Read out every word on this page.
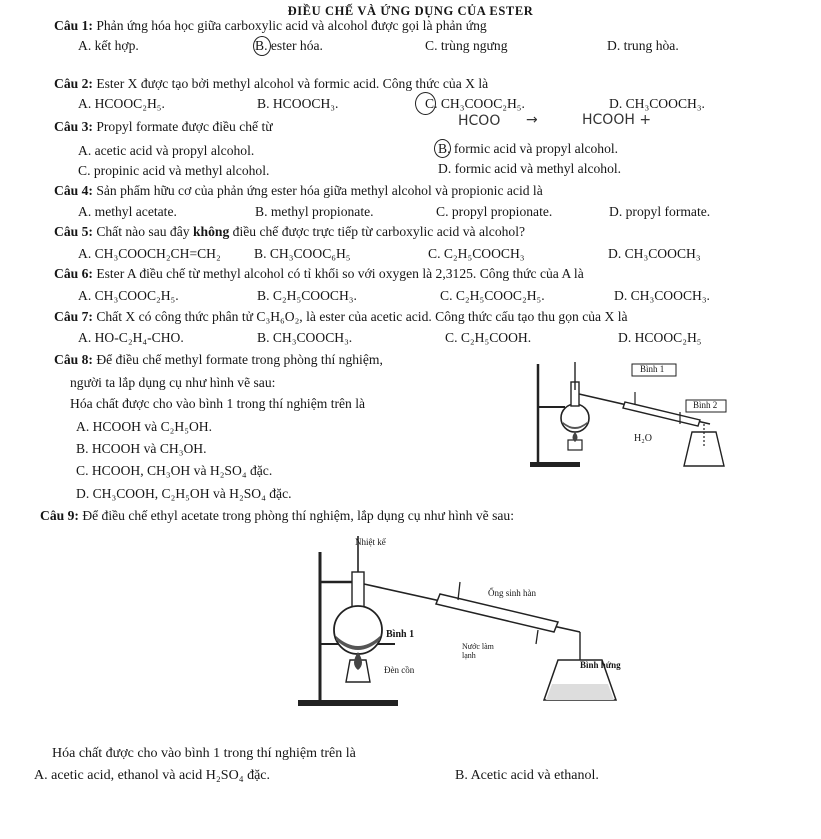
ĐIỀU CHẾ VÀ ỨNG DỤNG CỦA ESTER
Câu 1: Phản ứng hóa học giữa carboxylic acid và alcohol được gọi là phản ứng
A. kết hợp.	B. ester hóa.	C. trùng ngưng	D. trung hòa.
Câu 2: Ester X được tạo bởi methyl alcohol và formic acid. Công thức của X là
A. HCOOC₂H₅.	B. HCOOCH₃.	C. CH₃COOC₂H₅.	D. CH₃COOCH₃.
Câu 3: Propyl formate được điều chế từ	HCOO →	HCOOH +
A. acetic acid và propyl alcohol.	B. formic acid và propyl alcohol.
C. propinic acid và methyl alcohol.	D. formic acid và methyl alcohol.
Câu 4: Sản phẩm hữu cơ của phản ứng ester hóa giữa methyl alcohol và propionic acid là
A. methyl acetate.	B. methyl propionate.	C. propyl propionate.	D. propyl formate.
Câu 5: Chất nào sau đây không điều chế được trực tiếp từ carboxylic acid và alcohol?
A. CH₃COOCH₂CH=CH₂ B. CH₃COOC₆H₅	C. C₂H₅COOCH₃	D. CH₃COOCH₃
Câu 6: Ester A điều chế từ methyl alcohol có tỉ khối so với oxygen là 2,3125. Công thức của A là
A. CH₃COOC₂H₅.	B. C₂H₅COOCH₃.	C. C₂H₅COOC₂H₅.	D. CH₃COOCH₃.
Câu 7: Chất X có công thức phân tử C₃H₆O₂, là ester của acetic acid. Công thức cấu tạo thu gọn của X là
A. HO-C₂H₄-CHO.	B. CH₃COOCH₃.	C. C₂H₅COOH.	D. HCOOC₂H₅
Câu 8: Để điều chế methyl formate trong phòng thí nghiệm,
người ta lắp dụng cụ như hình vẽ sau:
Hóa chất được cho vào bình 1 trong thí nghiệm trên là
A. HCOOH và C₂H₅OH.
B. HCOOH và CH₃OH.
C. HCOOH, CH₃OH và H₂SO₄ đặc.
D. CH₃COOH, C₂H₅OH và H₂SO₄ đặc.
Bình 1
Bình 2
H₂O
Câu 9: Để điều chế ethyl acetate trong phòng thí nghiệm, lắp dụng cụ như hình vẽ sau:
Nhiệt kế
Ống sinh hàn
Bình 1
Nước làm lạnh
Đèn cồn	Bình hứng
Hóa chất được cho vào bình 1 trong thí nghiệm trên là
A. acetic acid, ethanol và acid H₂SO₄ đặc.	B. Acetic acid và ethanol.
